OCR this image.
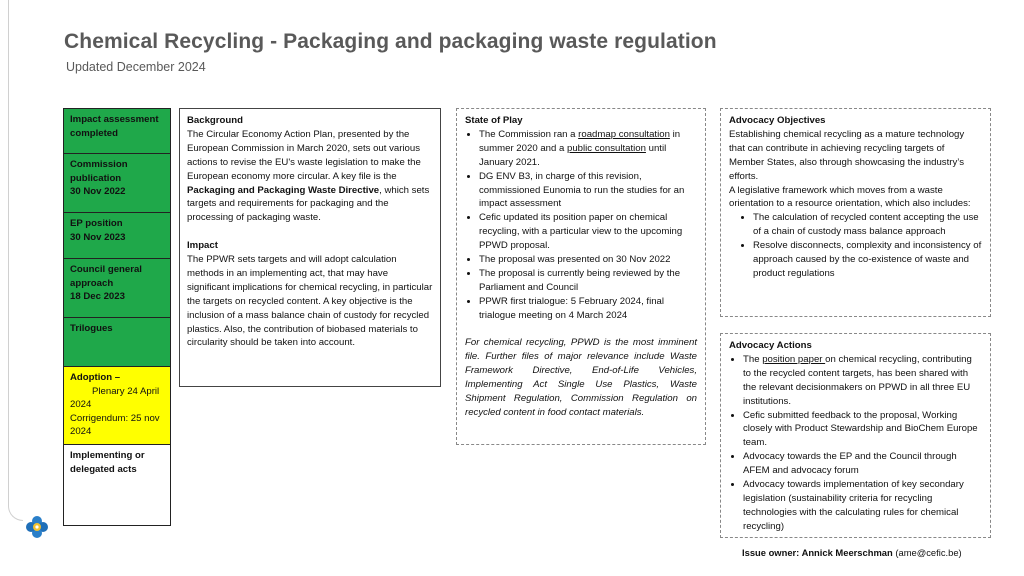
Chemical Recycling - Packaging and packaging waste regulation
Updated December 2024
Impact assessment completed
Commission publication
30 Nov 2022
EP position
30 Nov 2023
Council general approach
18 Dec 2023
Trilogues
Adoption –
Plenary 24 April 2024
Corrigendum: 25 nov 2024
Implementing or delegated acts

Background

The Circular Economy Action Plan, presented by the European Commission in March 2020, sets out various actions to revise the EU's waste legislation to make the European economy more circular. A key file is the Packaging and Packaging Waste Directive, which sets targets and requirements for packaging and the processing of packaging waste.

Impact

The PPWR sets targets and will adopt calculation methods in an implementing act, that may have significant implications for chemical recycling, in particular the targets on recycled content. A key objective is the inclusion of a mass balance chain of custody for recycled plastics. Also, the contribution of biobased materials to circularity should be taken into account.

State of Play

• The Commission ran a roadmap consultation in summer 2020 and a public consultation until January 2021.
• DG ENV B3, in charge of this revision, commissioned Eunomia to run the studies for an impact assessment
• Cefic updated its position paper on chemical recycling, with a particular view to the upcoming PPWD proposal.
• The proposal was presented on 30 Nov 2022
• The proposal is currently being reviewed by the Parliament and Council
• PPWR first trialogue: 5 February 2024, final trialogue meeting on 4 March 2024

For chemical recycling, PPWD is the most imminent file. Further files of major relevance include Waste Framework Directive, End-of-Life Vehicles, Implementing Act Single Use Plastics, Waste Shipment Regulation, Commission Regulation on recycled content in food contact materials.

Advocacy Objectives

Establishing chemical recycling as a mature technology that can contribute in achieving recycling targets of Member States, also through showcasing the industry’s efforts.

A legislative framework which moves from a waste orientation to a resource orientation, which also includes:

• The calculation of recycled content accepting the use of a chain of custody mass balance approach
• Resolve disconnects, complexity and inconsistency of approach caused by the co-existence of waste and product regulations

Advocacy Actions

• The position paper on chemical recycling, contributing to the recycled content targets, has been shared with the relevant decisionmakers on PPWD in all three EU institutions.
• Cefic submitted feedback to the proposal, Working closely with Product Stewardship and BioChem Europe team.
• Advocacy towards the EP and the Council through AFEM and advocacy forum
• Advocacy towards implementation of key secondary legislation (sustainability criteria for recycling technologies with the calculating rules for chemical recycling)
Issue owner: Annick Meerschman (ame@cefic.be)
